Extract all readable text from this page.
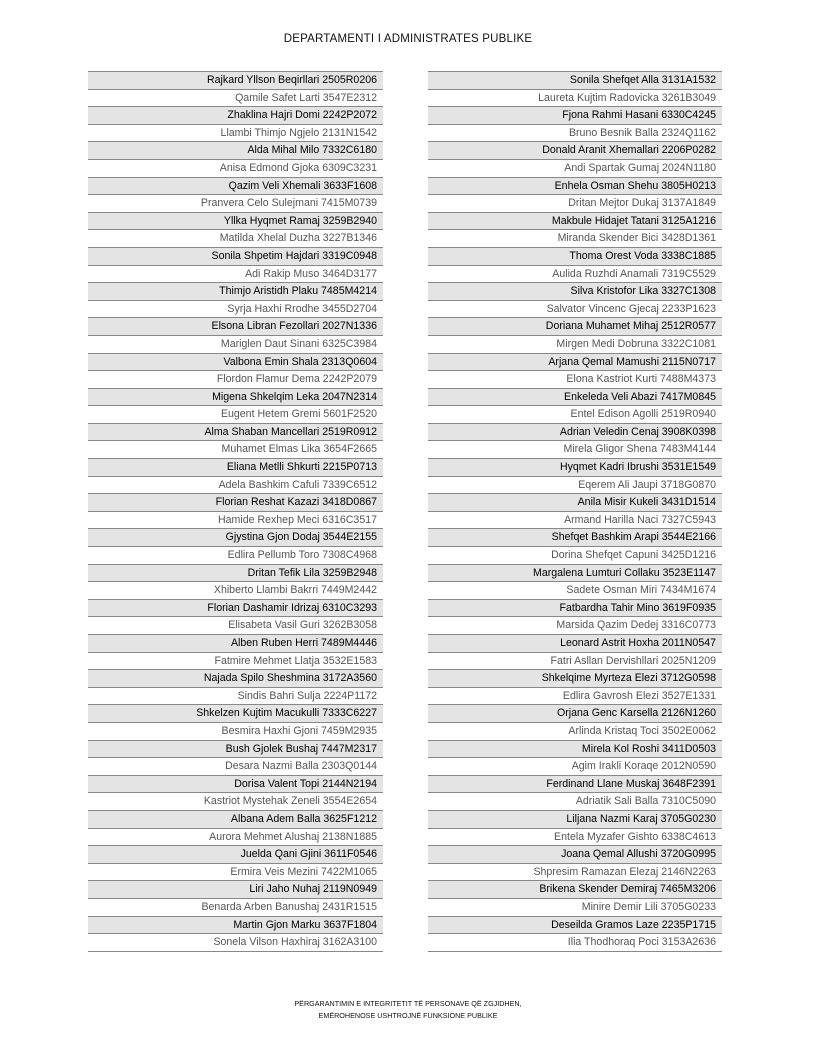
DEPARTAMENTI I ADMINISTRATES PUBLIKE
Rajkard Yllson Beqirllari 2505R0206
Qamile Safet Larti 3547E2312
Zhaklina Hajri Domi 2242P2072
Llambi Thimjo Ngjelo 2131N1542
Alda Mihal Milo 7332C6180
Anisa Edmond Gjoka 6309C3231
Qazim Veli Xhemali 3633F1608
Pranvera Celo Sulejmani 7415M0739
Yllka Hyqmet Ramaj 3259B2940
Matilda Xhelal Duzha 3227B1346
Sonila Shpetim Hajdari 3319C0948
Adi Rakip Muso 3464D3177
Thimjo Aristidh Plaku 7485M4214
Syrja Haxhi Rrodhe 3455D2704
Elsona Libran Fezollari 2027N1336
Mariglen Daut Sinani 6325C3984
Valbona Emin Shala 2313Q0604
Flordon Flamur Dema 2242P2079
Migena Shkelqim Leka 2047N2314
Eugent Hetem Gremi 5601F2520
Alma Shaban Mancellari 2519R0912
Muhamet Elmas Lika 3654F2665
Eliana Metlli Shkurti 2215P0713
Adela Bashkim Cafuli 7339C6512
Florian Reshat Kazazi 3418D0867
Hamide Rexhep Meci 6316C3517
Gjystina Gjon Dodaj 3544E2155
Edlira Pellumb Toro 7308C4968
Dritan Tefik Lila 3259B2948
Xhiberto Llambi Bakrri 7449M2442
Florian Dashamir Idrizaj 6310C3293
Elisabeta Vasil Guri 3262B3058
Alben Ruben Herri 7489M4446
Fatmire Mehmet Llatja 3532E1583
Najada Spilo Sheshmina 3172A3560
Sindis Bahri Sulja 2224P1172
Shkelzen Kujtim Macukulli 7333C6227
Besmira Haxhi Gjoni 7459M2935
Bush Gjolek Bushaj 7447M2317
Desara Nazmi Balla 2303Q0144
Dorisa Valent Topi 2144N2194
Kastriot Mystehak Zeneli 3554E2654
Albana Adem Balla 3625F1212
Aurora Mehmet Alushaj 2138N1885
Juelda Qani Gjini 3611F0546
Ermira Veis Mezini 7422M1065
Liri Jaho Nuhaj 2119N0949
Benarda Arben Banushaj 2431R1515
Martin Gjon Marku 3637F1804
Sonela Vilson Haxhiraj 3162A3100
Sonila Shefqet Alla 3131A1532
Laureta Kujtim Radovicka 3261B3049
Fjona Rahmi Hasani 6330C4245
Bruno Besnik Balla 2324Q1162
Donald Aranit Xhemallari 2206P0282
Andi Spartak Gumaj 2024N1180
Enhela Osman Shehu 3805H0213
Dritan Mejtor Dukaj 3137A1849
Makbule Hidajet Tatani 3125A1216
Miranda Skender Bici 3428D1361
Thoma Orest Voda 3338C1885
Aulida Ruzhdi Anamali 7319C5529
Silva Kristofor Lika 3327C1308
Salvator Vincenc Gjecaj 2233P1623
Doriana Muhamet Mihaj 2512R0577
Mirgen Medi Dobruna 3322C1081
Arjana Qemal Mamushi 2115N0717
Elona Kastriot Kurti 7488M4373
Enkeleda Veli Abazi 7417M0845
Entel Edison Agolli 2519R0940
Adrian Veledin Cenaj 3908K0398
Mirela Gligor Shena 7483M4144
Hyqmet Kadri Ibrushi 3531E1549
Eqerem Ali Jaupi 3718G0870
Anila Misir Kukeli 3431D1514
Armand Harilla Naci 7327C5943
Shefqet Bashkim Arapi 3544E2166
Dorina Shefqet Capuni 3425D1216
Margalena Lumturi Collaku 3523E1147
Sadete Osman Miri 7434M1674
Fatbardha Tahir Mino 3619F0935
Marsida Qazim Dedej 3316C0773
Leonard Astrit Hoxha 2011N0547
Fatri Asllan Dervishllari 2025N1209
Shkelqime Myrteza Elezi 3712G0598
Edlira Gavrosh Elezi 3527E1331
Orjana Genc Karsella 2126N1260
Arlinda Kristaq Toci 3502E0062
Mirela Kol Roshi 3411D0503
Agim Irakli Koraqe 2012N0590
Ferdinand Llane Muskaj 3648F2391
Adriatik Sali Balla 7310C5090
Liljana Nazmi Karaj 3705G0230
Entela Myzafer Gishto 6338C4613
Joana Qemal Allushi 3720G0995
Shpresim Ramazan Elezaj 2146N2263
Brikena Skender Demiraj 7465M3206
Minire Demir Lili 3705G0233
Deseilda Gramos Laze 2235P1715
Ilia Thodhoraq Poci 3153A2636
PËRGARANTIMIN E INTEGRITETIT TË PERSONAVE QË ZGJIDHEN,
EMËROHENOSE USHTROJNË FUNKSIONE PUBLIKE
